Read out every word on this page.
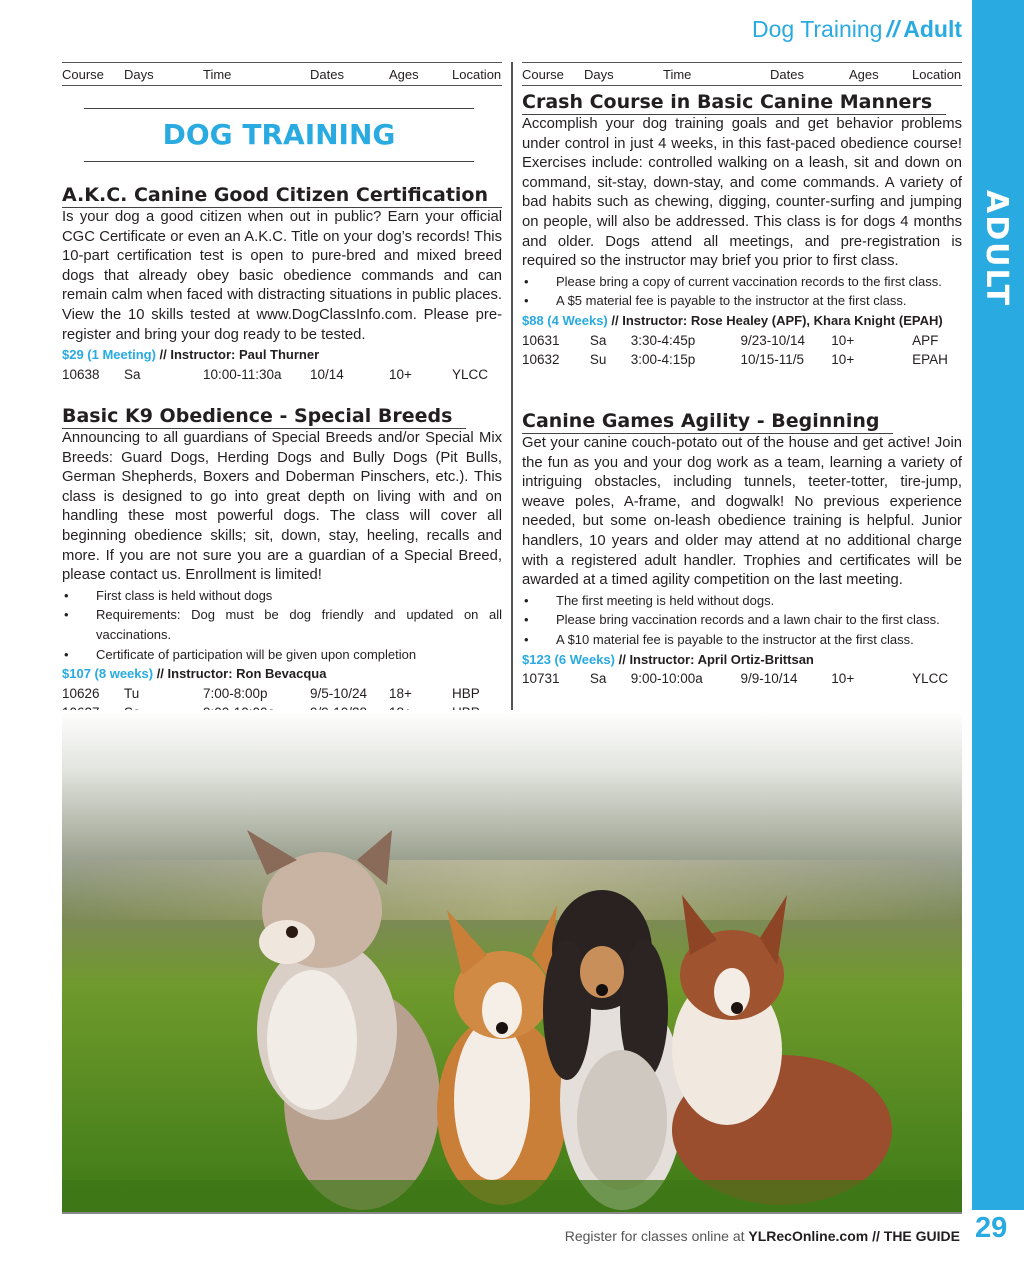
Dog Training // Adult
ADULT
29
Course	Days	Time	Dates	Ages	Location Course	Days	Time	Dates	Ages	Location
DOG TRAINING
A.K.C. Canine Good Citizen Certification

Is your dog a good citizen when out in public? Earn your official CGC Certificate or even an A.K.C. Title on your dog’s records! This 10-part certification test is open to pure-bred and mixed breed dogs that already obey basic obedience commands and can remain calm when faced with distracting situations in public places. View the 10 skills tested at www.DogClassInfo.com. Please pre-register and bring your dog ready to be tested.

$29 (1 Meeting) // Instructor: Paul Thurner
10638	Sa	10:00-11:30a	10/14	10+	YLCC
Basic K9 Obedience - Special Breeds

Announcing to all guardians of Special Breeds and/or Special Mix Breeds: Guard Dogs, Herding Dogs and Bully Dogs (Pit Bulls, German Shepherds, Boxers and Doberman Pinschers, etc.). This class is designed to go into great depth on living with and on handling these most powerful dogs. The class will cover all beginning obedience skills; sit, down, stay, heeling, recalls and more. If you are not sure you are a guardian of a Special Breed, please contact us. Enrollment is limited!

• First class is held without dogs
• Requirements: Dog must be dog friendly and updated on all vaccinations.
• Certificate of participation will be given upon completion
$107 (8 weeks) // Instructor: Ron Bevacqua
10626	Tu	7:00-8:00p	9/5-10/24	18+	HBP
Crash Course in Basic Canine Manners

Accomplish your dog training goals and get behavior problems under control in just 4 weeks, in this fast-paced obedience course! Exercises include: controlled walking on a leash, sit and down on command, sit-stay, down-stay, and come commands. A variety of bad habits such as chewing, digging, counter-surfing and jumping on people, will also be addressed. This class is for dogs 4 months and older. Dogs attend all meetings, and pre-registration is required so the instructor may brief you prior to first class.

• Please bring a copy of current vaccination records to the first class.
• A $5 material fee is payable to the instructor at the first class.
$88 (4 Weeks) // Instructor: Rose Healey (APF), Khara Knight (EPAH)
10631	Sa	3:30-4:45p	9/23-10/14	10+	APF
10632	Su	3:00-4:15p	10/15-11/5	10+	EPAH
Canine Games Agility - Beginning

Get your canine couch-potato out of the house and get active! Join the fun as you and your dog work as a team, learning a variety of intriguing obstacles, including tunnels, teeter-totter, tire-jump, weave poles, A-frame, and dogwalk! No previous experience needed, but some on-leash obedience training is helpful. Junior handlers, 10 years and older may attend at no additional charge with a registered adult handler. Trophies and certificates will be awarded at a timed agility competition on the last meeting.

• The first meeting is held without dogs.
• Please bring vaccination records and a lawn chair to the first class.
• A $10 material fee is payable to the instructor at the first class.
$123 (6 Weeks) // Instructor: April Ortiz-Brittsan
10731	Sa	9:00-10:00a	9/9-10/14	10+	YLCC
Register for classes online at YLRecOnline.com // THE GUIDE
